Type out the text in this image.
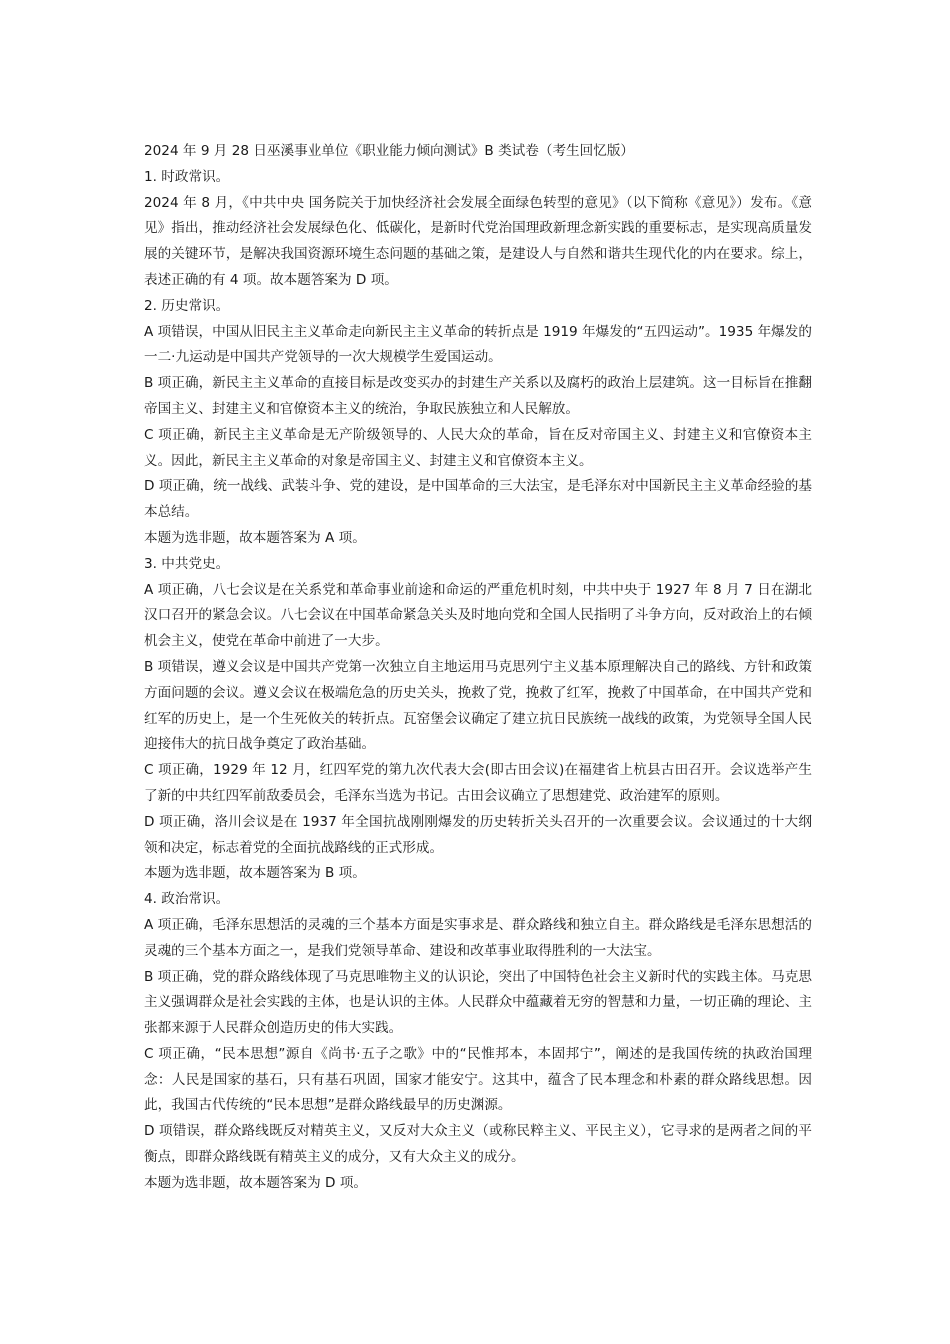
2024 年 9 月 28 日巫溪事业单位《职业能力倾向测试》B 类试卷（考生回忆版）

1. 时政常识。

2024 年 8 月，《中共中央 国务院关于加快经济社会发展全面绿色转型的意见》（以下简称《意见》）发布。《意见》指出，推动经济社会发展绿色化、低碳化，是新时代党治国理政新理念新实践的重要标志，是实现高质量发展的关键环节，是解决我国资源环境生态问题的基础之策，是建设人与自然和谐共生现代化的内在要求。综上，表述正确的有 4 项。故本题答案为 D 项。

2. 历史常识。

A 项错误，中国从旧民主主义革命走向新民主主义革命的转折点是 1919 年爆发的“五四运动”。1935 年爆发的一二·九运动是中国共产党领导的一次大规模学生爱国运动。

B 项正确，新民主主义革命的直接目标是改变买办的封建生产关系以及腐朽的政治上层建筑。这一目标旨在推翻帝国主义、封建主义和官僚资本主义的统治，争取民族独立和人民解放。

C 项正确，新民主主义革命是无产阶级领导的、人民大众的革命，旨在反对帝国主义、封建主义和官僚资本主义。因此，新民主主义革命的对象是帝国主义、封建主义和官僚资本主义。

D 项正确，统一战线、武装斗争、党的建设，是中国革命的三大法宝，是毛泽东对中国新民主主义革命经验的基本总结。

本题为选非题，故本题答案为 A 项。

3. 中共党史。

A 项正确，八七会议是在关系党和革命事业前途和命运的严重危机时刻，中共中央于 1927 年 8 月 7 日在湖北汉口召开的紧急会议。八七会议在中国革命紧急关头及时地向党和全国人民指明了斗争方向，反对政治上的右倾机会主义，使党在革命中前进了一大步。

B 项错误，遵义会议是中国共产党第一次独立自主地运用马克思列宁主义基本原理解决自己的路线、方针和政策方面问题的会议。遵义会议在极端危急的历史关头，挽救了党，挽救了红军，挽救了中国革命，在中国共产党和红军的历史上，是一个生死攸关的转折点。瓦窑堡会议确定了建立抗日民族统一战线的政策，为党领导全国人民迎接伟大的抗日战争奠定了政治基础。

C 项正确，1929 年 12 月，红四军党的第九次代表大会(即古田会议)在福建省上杭县古田召开。会议选举产生了新的中共红四军前敌委员会，毛泽东当选为书记。古田会议确立了思想建党、政治建军的原则。

D 项正确，洛川会议是在 1937 年全国抗战刚刚爆发的历史转折关头召开的一次重要会议。会议通过的十大纲领和决定，标志着党的全面抗战路线的正式形成。

本题为选非题，故本题答案为 B 项。

4. 政治常识。

A 项正确，毛泽东思想活的灵魂的三个基本方面是实事求是、群众路线和独立自主。群众路线是毛泽东思想活的灵魂的三个基本方面之一，是我们党领导革命、建设和改革事业取得胜利的一大法宝。

B 项正确，党的群众路线体现了马克思唯物主义的认识论，突出了中国特色社会主义新时代的实践主体。马克思主义强调群众是社会实践的主体，也是认识的主体。人民群众中蕴藏着无穷的智慧和力量，一切正确的理论、主张都来源于人民群众创造历史的伟大实践。

C 项正确，“民本思想”源自《尚书·五子之歌》中的“民惟邦本，本固邦宁”，阐述的是我国传统的执政治国理念：人民是国家的基石，只有基石巩固，国家才能安宁。这其中，蕴含了民本理念和朴素的群众路线思想。因此，我国古代传统的“民本思想”是群众路线最早的历史渊源。

D 项错误，群众路线既反对精英主义，又反对大众主义（或称民粹主义、平民主义），它寻求的是两者之间的平衡点，即群众路线既有精英主义的成分，又有大众主义的成分。

本题为选非题，故本题答案为 D 项。
